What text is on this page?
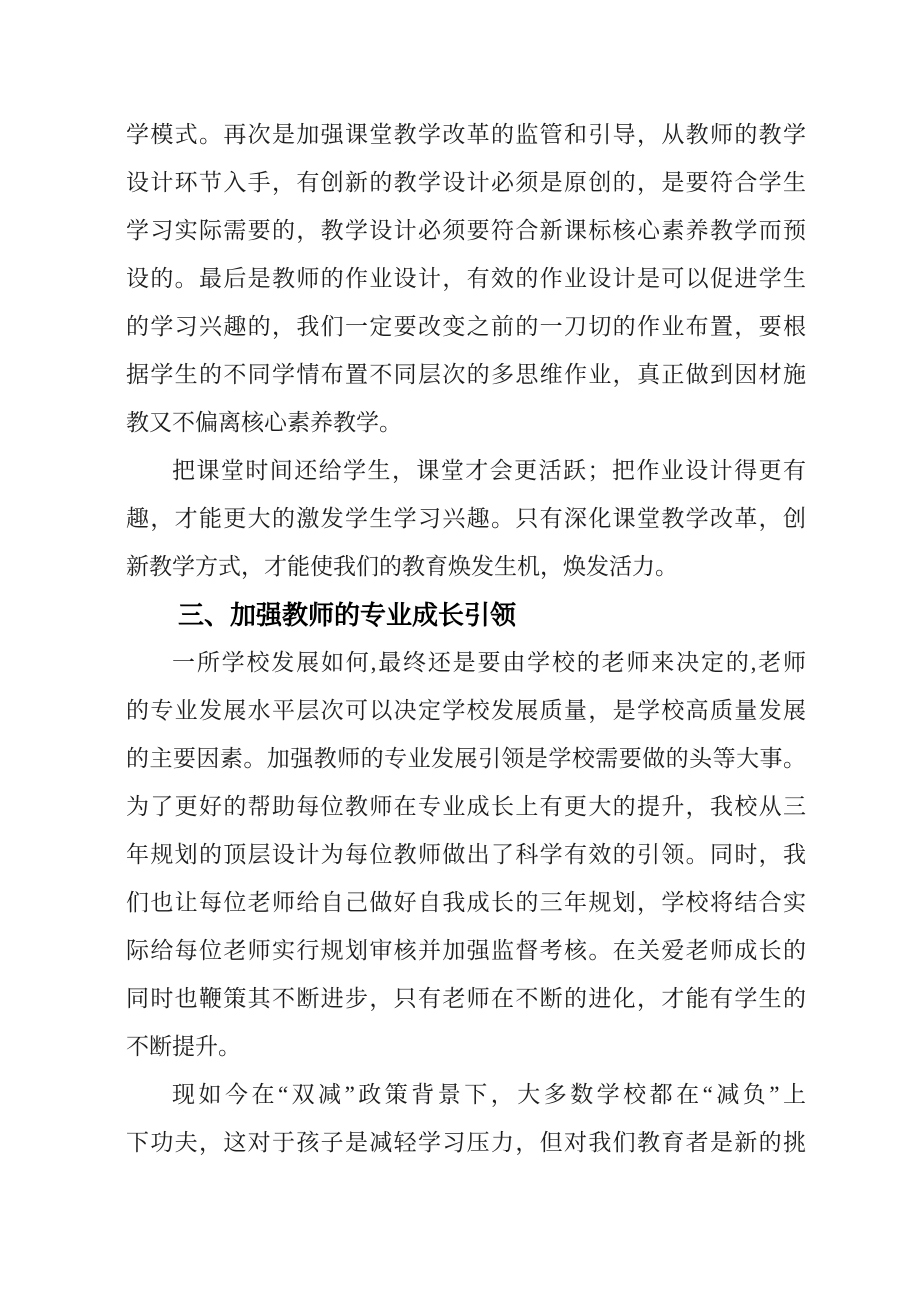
学模式。再次是加强课堂教学改革的监管和引导，从教师的教学
设计环节入手，有创新的教学设计必须是原创的，是要符合学生
学习实际需要的，教学设计必须要符合新课标核心素养教学而预
设的。最后是教师的作业设计，有效的作业设计是可以促进学生
的学习兴趣的，我们一定要改变之前的一刀切的作业布置，要根
据学生的不同学情布置不同层次的多思维作业，真正做到因材施
教又不偏离核心素养教学。
把课堂时间还给学生，课堂才会更活跃；把作业设计得更有
趣，才能更大的激发学生学习兴趣。只有深化课堂教学改革，创
新教学方式，才能使我们的教育焕发生机，焕发活力。
三、加强教师的专业成长引领
一所学校发展如何,最终还是要由学校的老师来决定的,老师
的专业发展水平层次可以决定学校发展质量，是学校高质量发展
的主要因素。加强教师的专业发展引领是学校需要做的头等大事。
为了更好的帮助每位教师在专业成长上有更大的提升，我校从三
年规划的顶层设计为每位教师做出了科学有效的引领。同时，我
们也让每位老师给自己做好自我成长的三年规划，学校将结合实
际给每位老师实行规划审核并加强监督考核。在关爱老师成长的
同时也鞭策其不断进步，只有老师在不断的进化，才能有学生的
不断提升。
现如今在“双减”政策背景下，大多数学校都在“减负”上
下功夫，这对于孩子是减轻学习压力，但对我们教育者是新的挑
